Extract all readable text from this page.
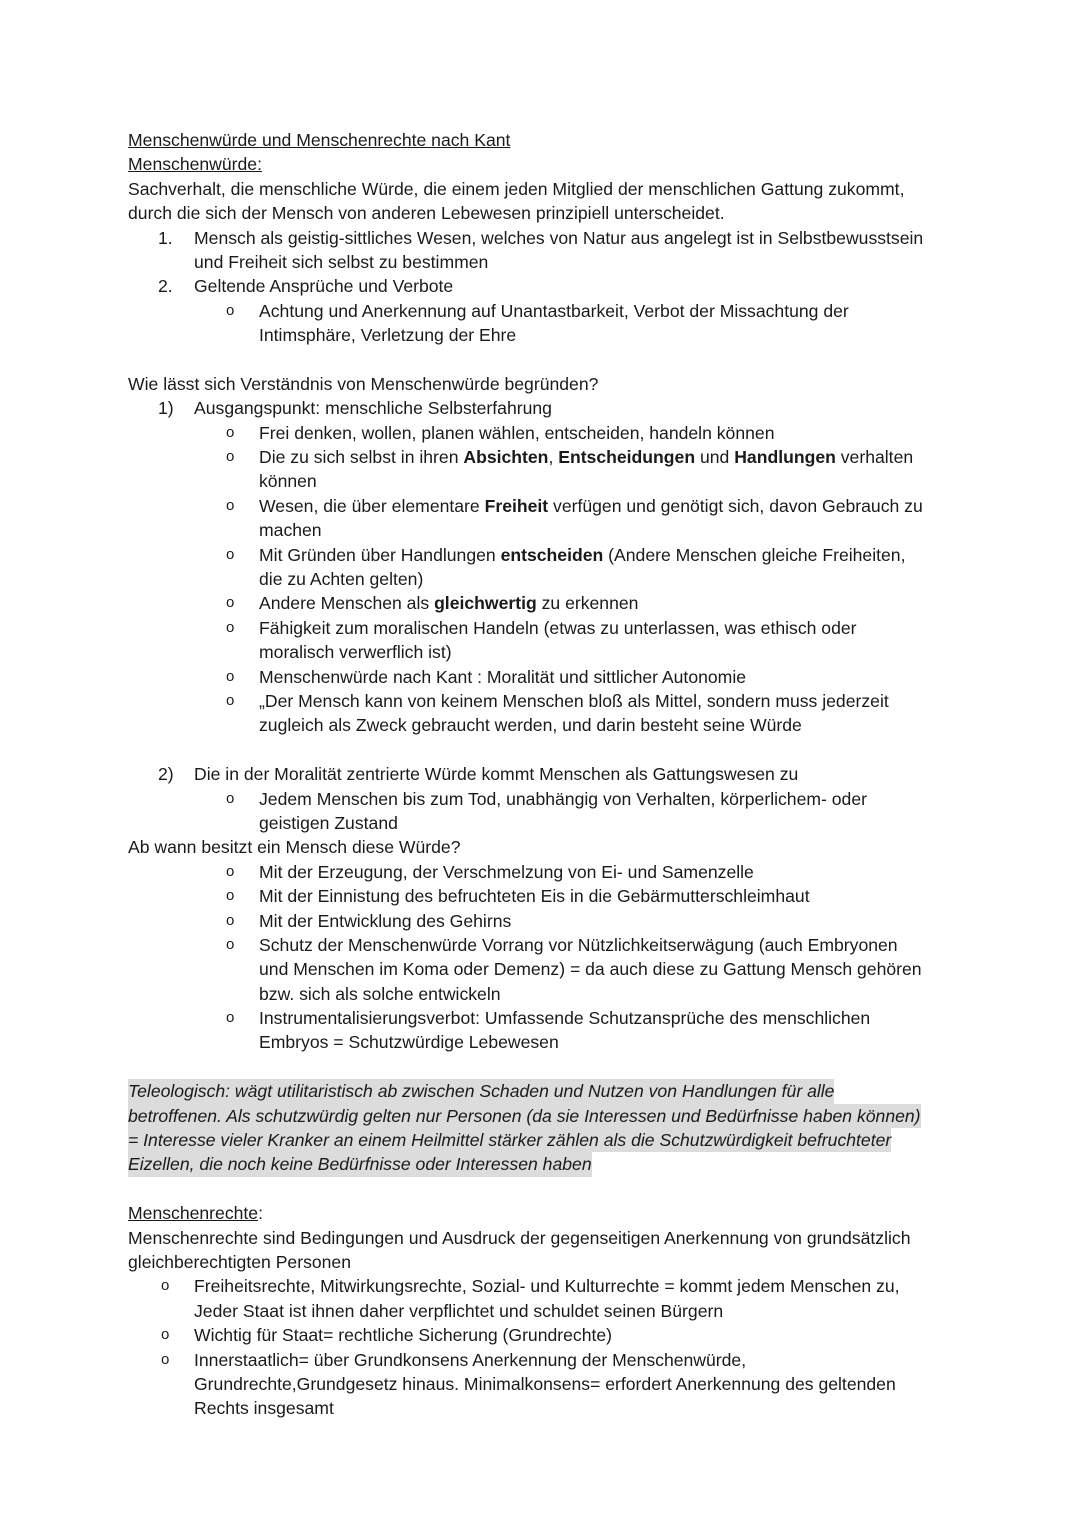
Menschenwürde und Menschenrechte nach Kant
Menschenwürde:
Sachverhalt, die menschliche Würde, die einem jeden Mitglied der menschlichen Gattung zukommt,
durch die sich der Mensch von anderen Lebewesen prinzipiell unterscheidet.
1. Mensch als geistig-sittliches Wesen, welches von Natur aus angelegt ist in Selbstbewusstsein
und Freiheit sich selbst zu bestimmen
2. Geltende Ansprüche und Verbote
o Achtung und Anerkennung auf Unantastbarkeit, Verbot der Missachtung der
Intimsphäre, Verletzung der Ehre
Wie lässt sich Verständnis von Menschenwürde begründen?
1) Ausgangspunkt: menschliche Selbsterfahrung
o Frei denken, wollen, planen wählen, entscheiden, handeln können
o Die zu sich selbst in ihren Absichten, Entscheidungen und Handlungen verhalten
können
o Wesen, die über elementare Freiheit verfügen und genötigt sich, davon Gebrauch zu
machen
o Mit Gründen über Handlungen entscheiden (Andere Menschen gleiche Freiheiten,
die zu Achten gelten)
o Andere Menschen als gleichwertig zu erkennen
o Fähigkeit zum moralischen Handeln (etwas zu unterlassen, was ethisch oder
moralisch verwerflich ist)
o Menschenwürde nach Kant : Moralität und sittlicher Autonomie
o „Der Mensch kann von keinem Menschen bloß als Mittel, sondern muss jederzeit
zugleich als Zweck gebraucht werden, und darin besteht seine Würde
2) Die in der Moralität zentrierte Würde kommt Menschen als Gattungswesen zu
o Jedem Menschen bis zum Tod, unabhängig von Verhalten, körperlichem- oder
geistigen Zustand
Ab wann besitzt ein Mensch diese Würde?
o Mit der Erzeugung, der Verschmelzung von Ei- und Samenzelle
o Mit der Einnistung des befruchteten Eis in die Gebärmutterschleimhaut
o Mit der Entwicklung des Gehirns
o Schutz der Menschenwürde Vorrang vor Nützlichkeitserwägung (auch Embryonen
und Menschen im Koma oder Demenz) = da auch diese zu Gattung Mensch gehören
bzw. sich als solche entwickeln
o Instrumentalisierungsverbot: Umfassende Schutzansprüche des menschlichen
Embryos = Schutzwürdige Lebewesen
Teleologisch: wägt utilitaristisch ab zwischen Schaden und Nutzen von Handlungen für alle
betroffenen. Als schutzwürdig gelten nur Personen (da sie Interessen und Bedürfnisse haben können)
= Interesse vieler Kranker an einem Heilmittel stärker zählen als die Schutzwürdigkeit befruchteter
Eizellen, die noch keine Bedürfnisse oder Interessen haben
Menschenrechte:
Menschenrechte sind Bedingungen und Ausdruck der gegenseitigen Anerkennung von grundsätzlich
gleichberechtigten Personen
o Freiheitsrechte, Mitwirkungsrechte, Sozial- und Kulturrechte = kommt jedem Menschen zu,
Jeder Staat ist ihnen daher verpflichtet und schuldet seinen Bürgern
o Wichtig für Staat= rechtliche Sicherung (Grundrechte)
o Innerstaatlich= über Grundkonsens Anerkennung der Menschenwürde,
Grundrechte,Grundgesetz hinaus. Minimalkonsens= erfordert Anerkennung des geltenden
Rechts insgesamt
